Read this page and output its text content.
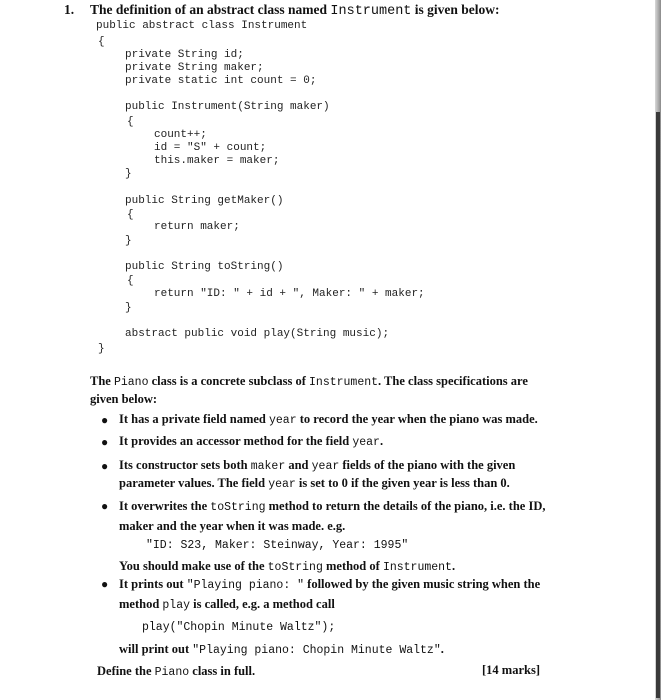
1. The definition of an abstract class named Instrument is given below:
public abstract class Instrument
{
private String id;
private String maker;
private static int count = 0;
public Instrument(String maker)
{
count++;
id = "S" + count;
this.maker = maker;
}
public String getMaker()
{
return maker;
}
public String toString()
{
return "ID: " + id + ", Maker: " + maker;
}
abstract public void play(String music);
}
The Piano class is a concrete subclass of Instrument. The class specifications are
given below:
● It has a private field named year to record the year when the piano was made.
● It provides an accessor method for the field year.
● Its constructor sets both maker and year fields of the piano with the given
parameter values. The field year is set to 0 if the given year is less than 0.
● It overwrites the toString method to return the details of the piano, i.e. the ID,
maker and the year when it was made. e.g.
"ID: S23, Maker: Steinway, Year: 1995"
You should make use of the toString method of Instrument.
● It prints out "Playing piano: " followed by the given music string when the
method play is called, e.g. a method call
play("Chopin Minute Waltz");
will print out "Playing piano: Chopin Minute Waltz".
Define the Piano class in full.	[14 marks]
